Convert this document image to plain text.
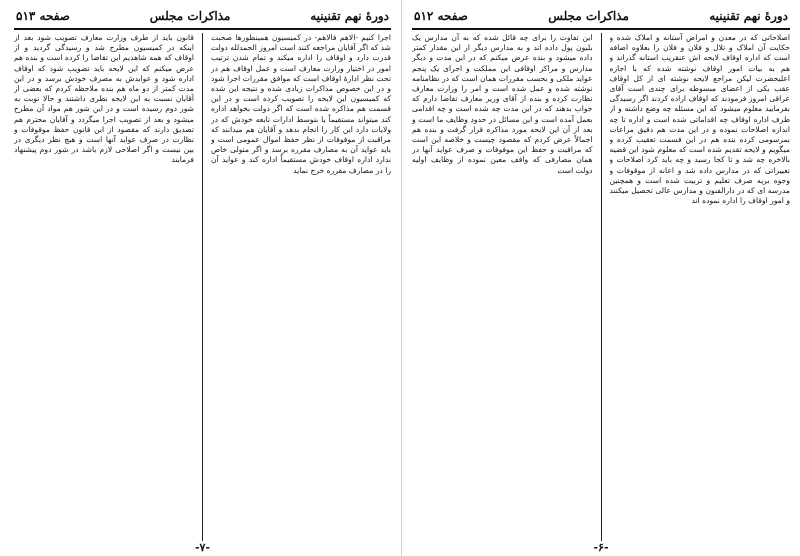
دورۀ نهم تقنینیه
مذاکرات مجلس
صفحه ۵۱۲
اصلاحاتی که در معدن و امراض آستانه و املاک شده و حکایت آن املاک و تلال و فلان و فلان را بعلاوه اضافه است که اداره اوقاف لایحه اش عنقریب استانه گذراند و هم به بیات امور اوقاف نوشته شده که با اجازه اعلیحضرت لیکن مراجع لایحه نوشته ای از کل اوقاف عقب یکی از اعضای مبسوطه برای چندی است آقای عراقی امروز فرمودند که اوقاف اراده کردند اگر رسیدگی بفرمایید معلوم میشود که این مسئله چه وضع داشته و از طرف اداره اوقاف چه اقداماتی شده است و اداره تا چه اندازه اصلاحات نموده و در این مدت هم دقیق مراعات بمرسومی کرده بنده هم در این قسمت تعقیب کرده و میگویم و لایحه تقدیم شده است که معلوم شود این قضیه بالاخره چه شد و تا کجا رسید و چه باید کرد اصلاحات و تغییراتی که در مدارس داده شد و اعانه از موقوفات و وجوه بریه صرف تعلیم و تربیت شده است و همچنین مدرسه ای که در دارالفنون و مدارس عالی تحصیل میکنند و امور اوقاف را اداره نموده اند
این تفاوت را برای چه قائل شده که به آن مدارس یک بلیون پول داده اند و به مدارس دیگر از این مقدار کمتر داده میشود و بنده عرض میکنم که در این مدت و دیگر مدارس و مراکز اوقافی این مملکت و اجرای یک پنجم عواید ملکی و بحسب مقررات همان است که در نظامنامه نوشته شده و عمل شده است و امر را وزارت معارف نظارت کرده و بنده از آقای وزیر معارف تقاضا دارم که جواب بدهند که در این مدت چه شده است و چه اقدامی بعمل آمده است و این مسائل در حدود وظایف ما است و بعد از آن این لایحه مورد مذاکره قرار گرفت و بنده هم اجمالاً عرض کردم که مقصود چیست و خلاصه این است که مراقبت و حفظ این موقوفات و صرف عواید آنها در همان مصارفی که واقف معین نموده از وظایف اولیه دولت است
-۶-
دورۀ نهم تقنینیه
مذاکرات مجلس
صفحه ۵۱۳
اجرا کنیم -الاهم فالاهم- در کمیسیون همینطورها صحبت شد که اگر آقایان مراجعه کنند است امروز الحمدلله دولت قدرت دارد و اوقاف را اداره میکند و تمام شدن ترتیب امور در اختیار وزارت معارف است و عمل اوقاف هم در تحت نظر ادارۀ اوقاف است که موافق مقررات اجرا شود و در این خصوص مذاکرات زیادی شده و نتیجه این شده که کمیسیون این لایحه را تصویب کرده است و در این قسمت هم مذاکره شده است که اگر دولت بخواهد اداره کند میتواند مستقیماً یا بتوسط ادارات تابعه خودش که در ولایات دارد این کار را انجام بدهد و آقایان هم میدانند که مراقبت از موقوفات از نظر حفظ اموال عمومی است و باید عواید آن به مصارف مقرره برسد و اگر متولی خاص ندارد اداره اوقاف خودش مستقیماً اداره کند و عواید آن را در مصارف مقرره خرج نماید
قانون باید از طرف وزارت معارف تصویب شود بعد از اینکه در کمیسیون مطرح شد و رسیدگی گردید و از اوقاف که همه شاهدیم این تقاضا را کرده است و بنده هم عرض میکنم که این لایحه باید تصویب شود که اوقاف اداره شود و عوایدش به مصرف خودش برسد و در این مدت کمتر از دو ماه هم بنده ملاحظه کردم که بعضی از آقایان نسبت به این لایحه نظری داشتند و حالا نوبت به شور دوم رسیده است و در این شور هم مواد آن مطرح میشود و بعد از تصویب اجرا میگردد و آقایان محترم هم تصدیق دارند که مقصود از این قانون حفظ موقوفات و نظارت در صرف عواید آنها است و هیچ نظر دیگری در بین نیست و اگر اصلاحی لازم باشد در شور دوم پیشنهاد فرمایند
-۷-
